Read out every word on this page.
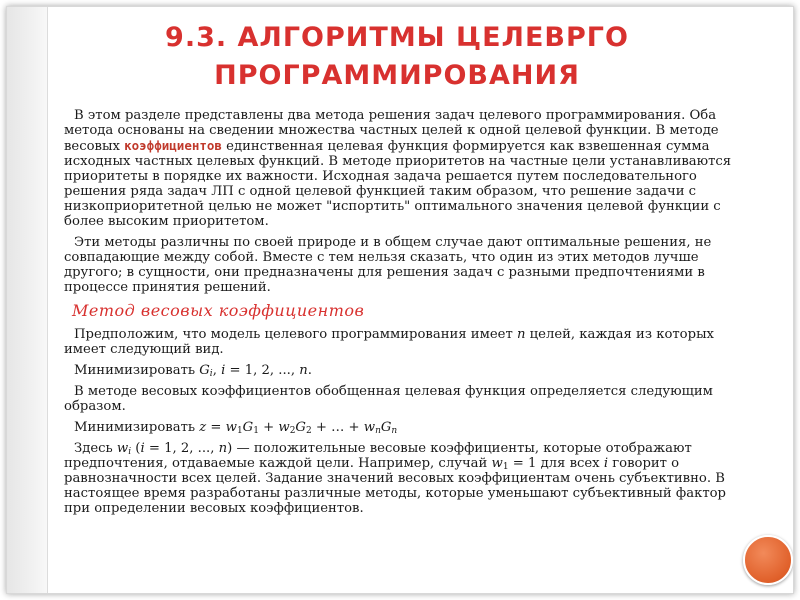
9.3. АЛГОРИТМЫ ЦЕЛЕВРГО
ПРОГРАММИРОВАНИЯ

В этом разделе представлены два метода решения задач целевого программирования. Оба метода основаны на сведении множества частных целей к одной целевой функции. В методе весовых коэффициентов единственная целевая функция формируется как взвешенная сумма исходных частных целевых функций. В методе приоритетов на частные цели устанавливаются приоритеты в порядке их важности. Исходная задача решается путем последовательного решения ряда задач ЛП с одной целевой функцией таким образом, что решение задачи с низкоприоритетной целью не может "испортить" оптимального значения целевой функции с более высоким приоритетом.

Эти методы различны по своей природе и в общем случае дают оптимальные решения, не совпадающие между собой. Вместе с тем нельзя сказать, что один из этих методов лучше другого; в сущности, они предназначены для решения задач с разными предпочтениями в процессе принятия решений.

Метод весовых коэффициентов

Предположим, что модель целевого программирования имеет n целей, каждая из которых имеет следующий вид.

Минимизировать $G_i$, i = 1, 2, ..., n.

В методе весовых коэффициентов обобщенная целевая функция определяется следующим образом.

Минимизировать $z = w_1G_1 + w_2G_2$ + … + $w_nG_n$

Здесь $w_i$ (i = 1, 2, ..., n) — положительные весовые коэффициенты, которые отображают предпочтения, отдаваемые каждой цели. Например, случай $w_1 = 1$ для всех i говорит о равнозначности всех целей. Задание значений весовых коэффициентам очень субъективно. В настоящее время разработаны различные методы, которые уменьшают субъективный фактор при определении весовых коэффициентов.
